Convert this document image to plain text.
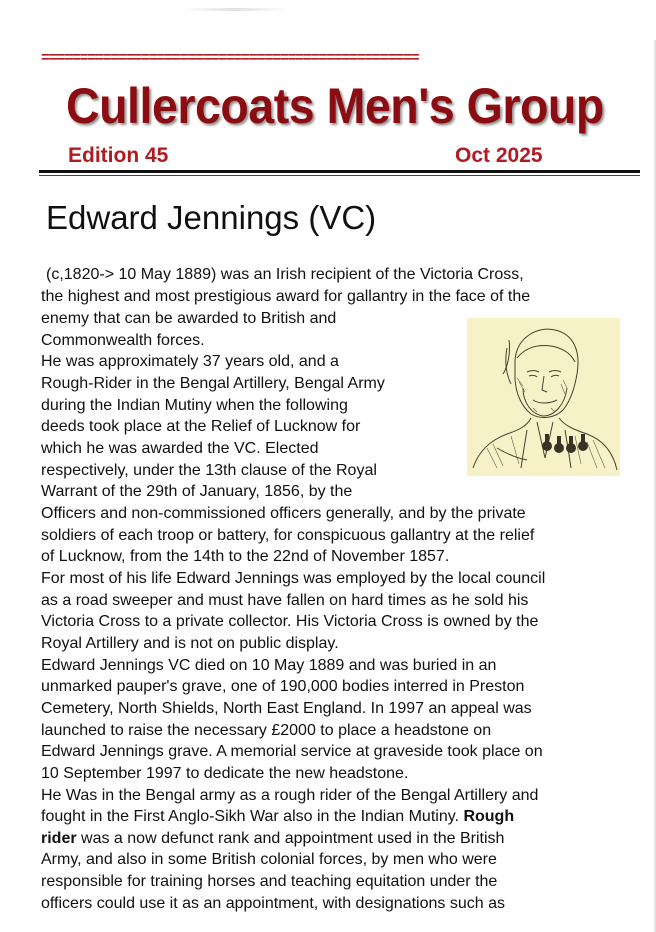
=================================================
Cullercoats Men's Group
Edition 45	Oct 2025
Edward Jennings (VC)
(c,1820-> 10 May 1889) was an Irish recipient of the Victoria Cross,
the highest and most prestigious award for gallantry in the face of the
enemy that can be awarded to British and
Commonwealth forces.
He was approximately 37 years old, and a
Rough-Rider in the Bengal Artillery, Bengal Army
during the Indian Mutiny when the following
deeds took place at the Relief of Lucknow for
which he was awarded the VC. Elected
respectively, under the 13th clause of the Royal
Warrant of the 29th of January, 1856, by the
Officers and non-commissioned officers generally, and by the private
soldiers of each troop or battery, for conspicuous gallantry at the relief
of Lucknow, from the 14th to the 22nd of November 1857.
For most of his life Edward Jennings was employed by the local council
as a road sweeper and must have fallen on hard times as he sold his
Victoria Cross to a private collector. His Victoria Cross is owned by the
Royal Artillery and is not on public display.
Edward Jennings VC died on 10 May 1889 and was buried in an
unmarked pauper's grave, one of 190,000 bodies interred in Preston
Cemetery, North Shields, North East England. In 1997 an appeal was
launched to raise the necessary £2000 to place a headstone on
Edward Jennings grave. A memorial service at graveside took place on
10 September 1997 to dedicate the new headstone.
He Was in the Bengal army as a rough rider of the Bengal Artillery and
fought in the First Anglo-Sikh War also in the Indian Mutiny. Rough
rider was a now defunct rank and appointment used in the British
Army, and also in some British colonial forces, by men who were
responsible for training horses and teaching equitation under the
officers could use it as an appointment, with designations such as
